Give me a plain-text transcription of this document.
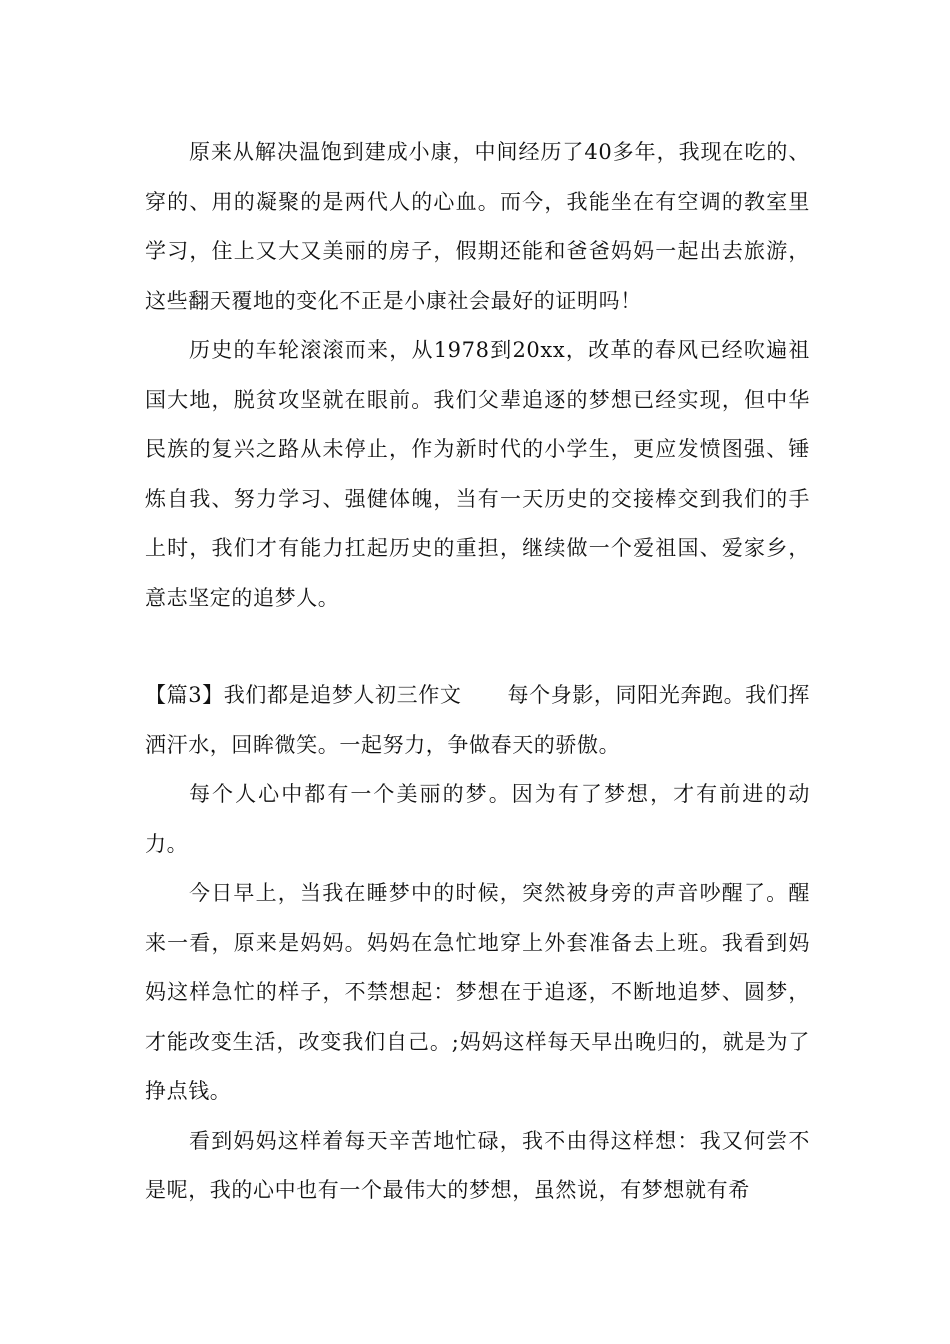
原来从解决温饱到建成小康，中间经历了40多年，我现在吃的、穿的、用的凝聚的是两代人的心血。而今，我能坐在有空调的教室里学习，住上又大又美丽的房子，假期还能和爸爸妈妈一起出去旅游，这些翻天覆地的变化不正是小康社会最好的证明吗！

历史的车轮滚滚而来，从1978到20xx，改革的春风已经吹遍祖国大地，脱贫攻坚就在眼前。我们父辈追逐的梦想已经实现，但中华民族的复兴之路从未停止，作为新时代的小学生，更应发愤图强、锤炼自我、努力学习、强健体魄，当有一天历史的交接棒交到我们的手上时，我们才有能力扛起历史的重担，继续做一个爱祖国、爱家乡，意志坚定的追梦人。

【篇3】我们都是追梦人初三作文 每个身影，同阳光奔跑。我们挥洒汗水，回眸微笑。一起努力，争做春天的骄傲。

每个人心中都有一个美丽的梦。因为有了梦想，才有前进的动力。

今日早上，当我在睡梦中的时候，突然被身旁的声音吵醒了。醒来一看，原来是妈妈。妈妈在急忙地穿上外套准备去上班。我看到妈妈这样急忙的样子，不禁想起：梦想在于追逐，不断地追梦、圆梦，才能改变生活，改变我们自己。;妈妈这样每天早出晚归的，就是为了挣点钱。

看到妈妈这样着每天辛苦地忙碌，我不由得这样想：我又何尝不是呢，我的心中也有一个最伟大的梦想，虽然说，有梦想就有希
